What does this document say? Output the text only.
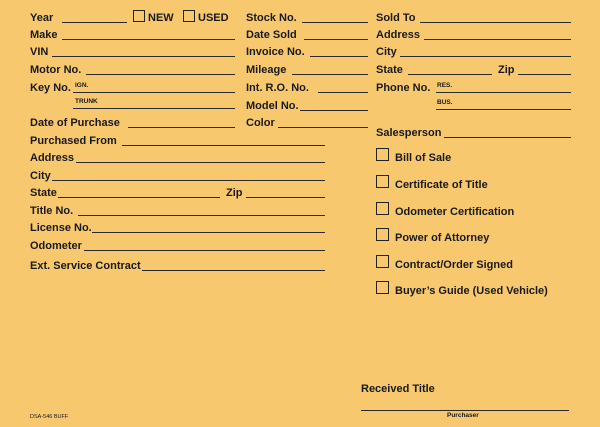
Year	NEW USED
Make
VIN
Motor No.
Key No. IGN.
TRUNK
Date of Purchase
Purchased From
Address
City
State	Zip
Title No.
License No.
Odometer
Ext. Service Contract
Stock No.
Date Sold
Invoice No.
Mileage
Int. R.O. No.
Model No.
Color
Sold To
Address
City
State	Zip
Phone No. RES.
BUS.
Salesperson
Bill of Sale
Certificate of Title
Odometer Certification
Power of Attorney
Contract/Order Signed
Buyer’s Guide (Used Vehicle)
Received Title
Purchaser
DSA-546 BUFF
